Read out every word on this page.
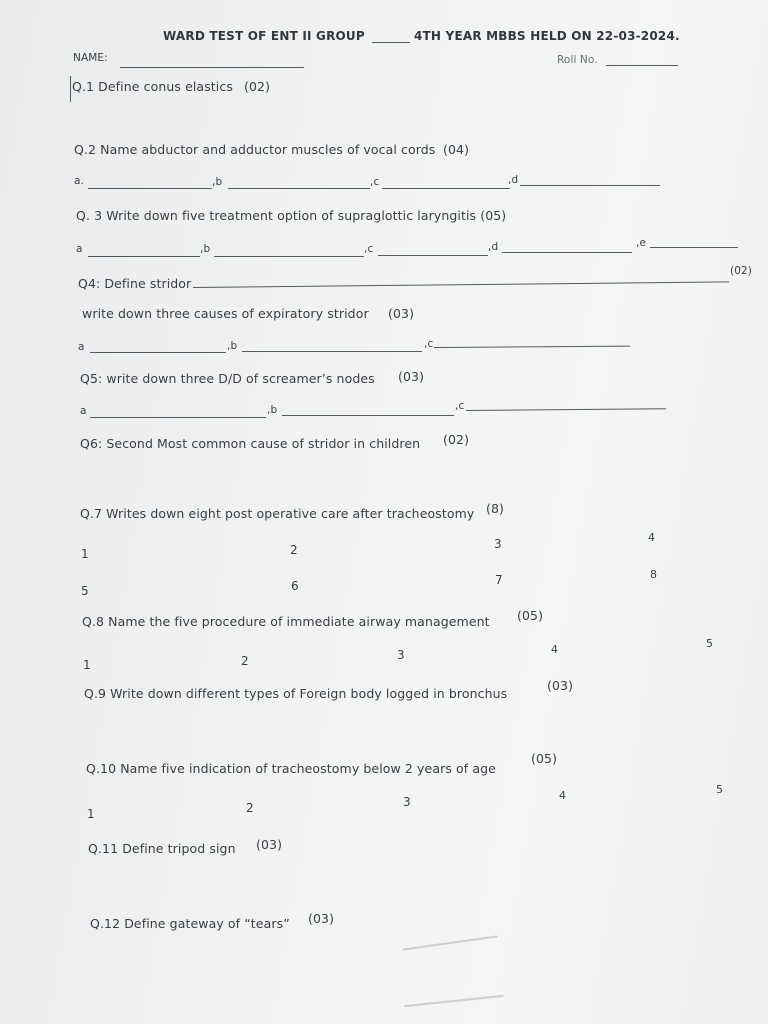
WARD TEST OF ENT II GROUP	4TH YEAR MBBS HELD ON 22-03-2024.
NAME:	Roll No.
Q.1 Define conus elastics (02)
Q.2 Name abductor and adductor muscles of vocal cords (04)
a.	,b	,c	,d
Q. 3 Write down five treatment option of supraglottic laryngitis (05)
a	,b	,c	,d	,e
Q4: Define stridor
(02)
write down three causes of expiratory stridor (03)
a	,b	,c
Q5: write down three D/D of screamer’s nodes (03)
a	,b	,c
Q6: Second Most common cause of stridor in children (02)
Q.7 Writes down eight post operative care after tracheostomy (8)
1	2	3	4
5	6	7	8
Q.8 Name the five procedure of immediate airway management (05)
1	2	3	4	5
Q.9 Write down different types of Foreign body logged in bronchus
(03)
Q.10 Name five indication of tracheostomy below 2 years of age
(05)
1	2	3	4	5
Q.11 Define tripod sign (03)
Q.12 Define gateway of “tears” (03)
